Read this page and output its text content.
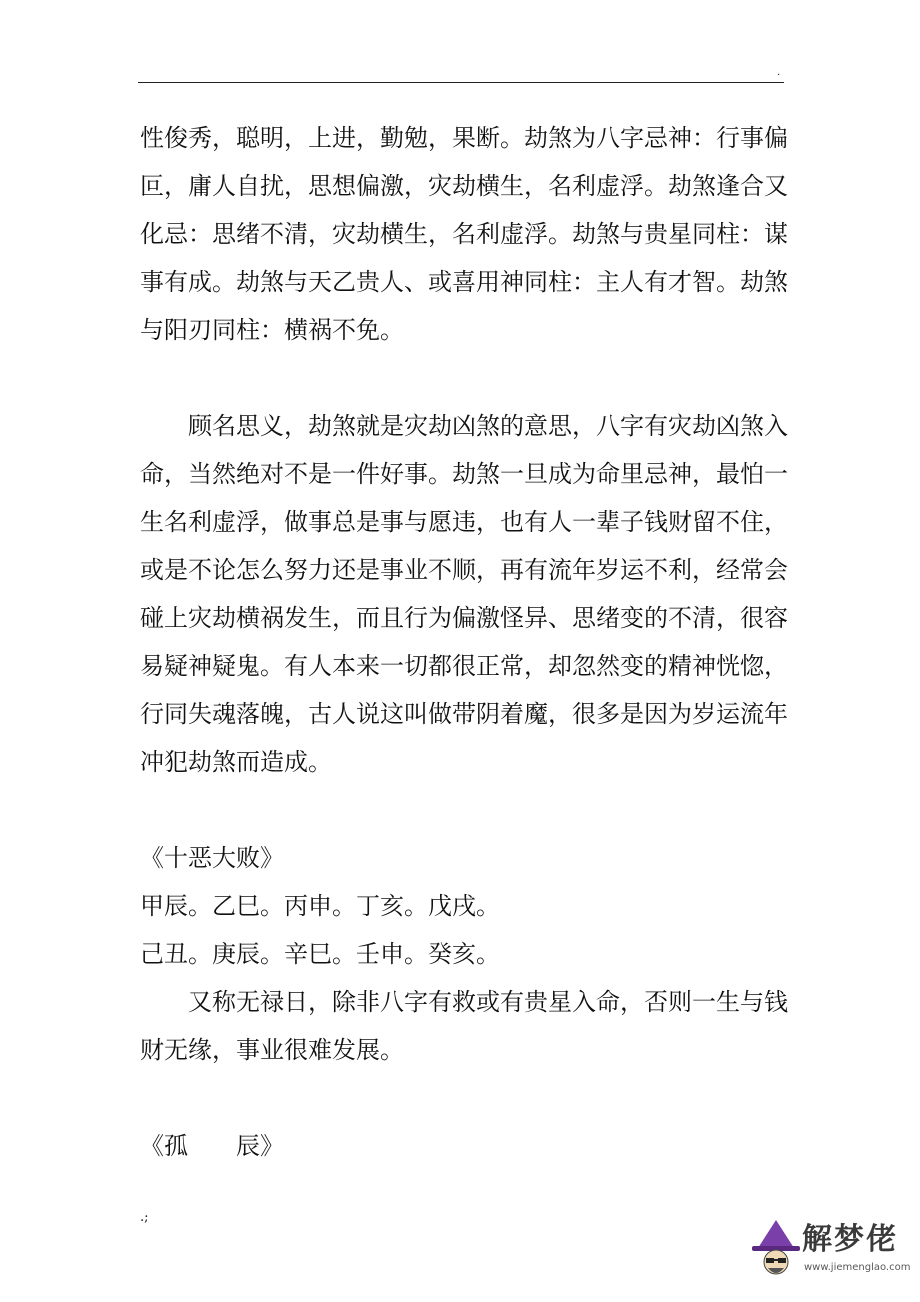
.
性俊秀，聪明，上进，勤勉，果断。劫煞为八字忌神：行事偏
叵，庸人自扰，思想偏激，灾劫横生，名利虚浮。劫煞逢合又
化忌：思绪不清，灾劫横生，名利虚浮。劫煞与贵星同柱：谋
事有成。劫煞与天乙贵人、或喜用神同柱：主人有才智。劫煞
与阳刃同柱：横祸不免。
顾名思义，劫煞就是灾劫凶煞的意思，八字有灾劫凶煞入
命，当然绝对不是一件好事。劫煞一旦成为命里忌神，最怕一
生名利虚浮，做事总是事与愿违，也有人一辈子钱财留不住，
或是不论怎么努力还是事业不顺，再有流年岁运不利，经常会
碰上灾劫横祸发生，而且行为偏激怪异、思绪变的不清，很容
易疑神疑鬼。有人本来一切都很正常，却忽然变的精神恍惚，
行同失魂落魄，古人说这叫做带阴着魔，很多是因为岁运流年
冲犯劫煞而造成。
《十恶大败》
甲辰。乙巳。丙申。丁亥。戊戌。
己丑。庚辰。辛巳。壬申。癸亥。
又称无禄日，除非八字有救或有贵星入命，否则一生与钱
财无缘，事业很难发展。
《孤　　辰》
.;
解梦佬
www.jiemenglao.com
